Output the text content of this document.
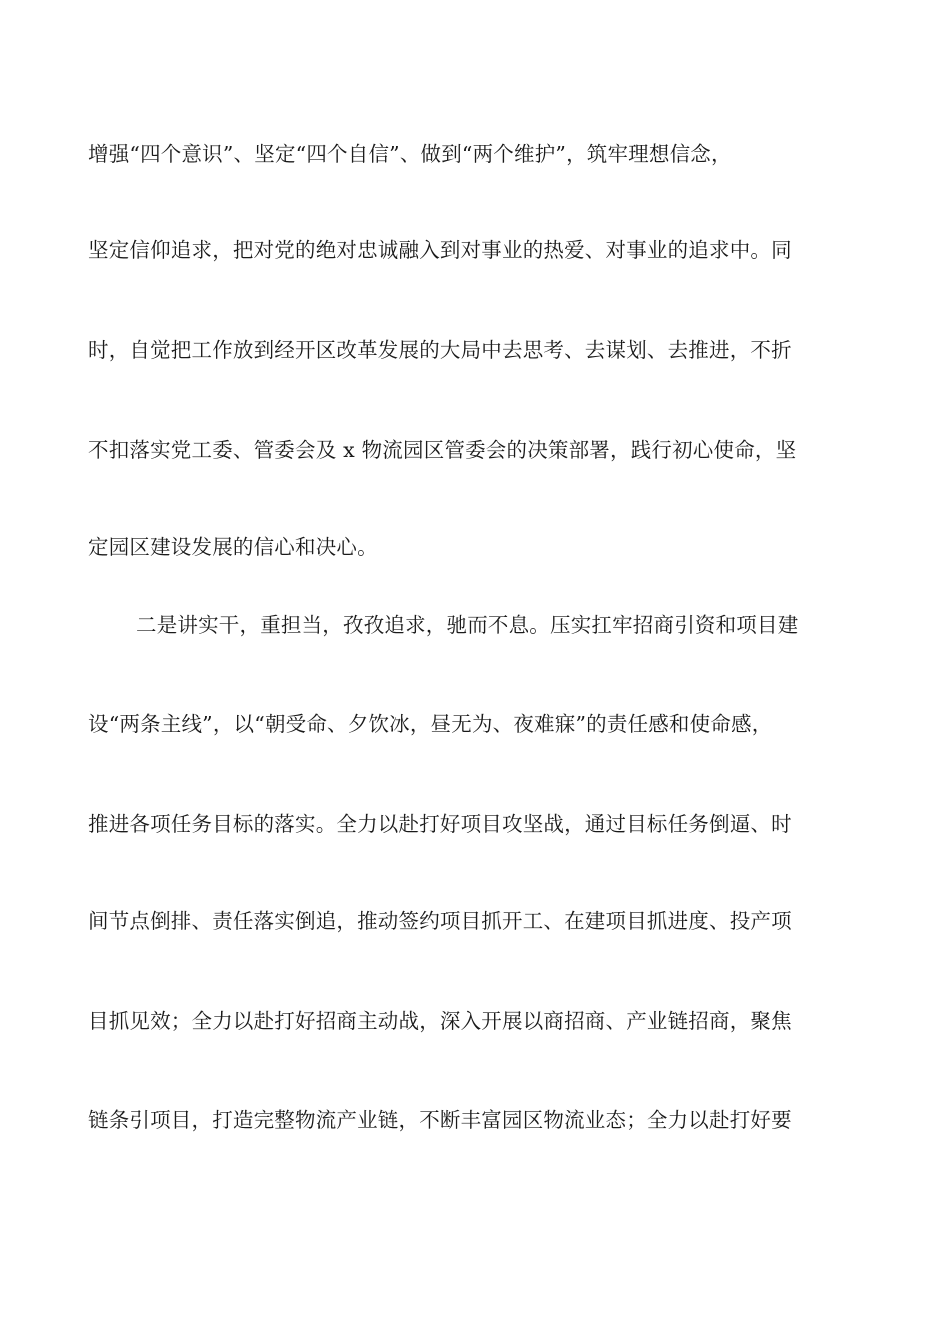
增强“四个意识”、坚定“四个自信”、做到“两个维护”，筑牢理想信念，
坚定信仰追求，把对党的绝对忠诚融入到对事业的热爱、对事业的追求中。同
时，自觉把工作放到经开区改革发展的大局中去思考、去谋划、去推进，不折
不扣落实党工委、管委会及 x 物流园区管委会的决策部署，践行初心使命，坚
定园区建设发展的信心和决心。
二是讲实干，重担当，孜孜追求，驰而不息。压实扛牢招商引资和项目建
设“两条主线”，以“朝受命、夕饮冰，昼无为、夜难寐”的责任感和使命感，
推进各项任务目标的落实。全力以赴打好项目攻坚战，通过目标任务倒逼、时
间节点倒排、责任落实倒追，推动签约项目抓开工、在建项目抓进度、投产项
目抓见效；全力以赴打好招商主动战，深入开展以商招商、产业链招商，聚焦
链条引项目，打造完整物流产业链，不断丰富园区物流业态；全力以赴打好要
